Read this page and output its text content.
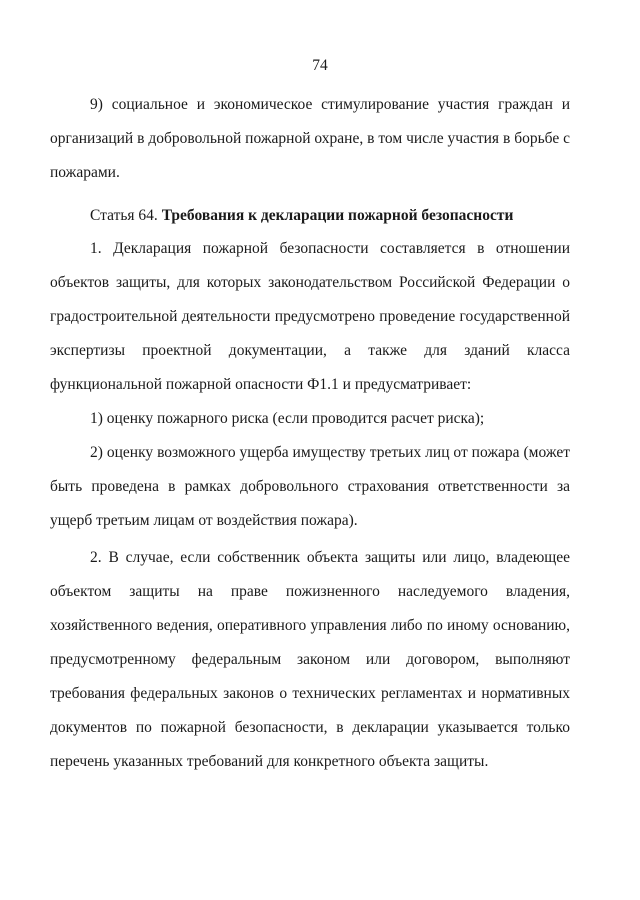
74

9) социальное и экономическое стимулирование участия граждан и организаций в добровольной пожарной охране, в том числе участия в борьбе с пожарами.

Статья 64. Требования к декларации пожарной безопасности

1. Декларация пожарной безопасности составляется в отношении объектов защиты, для которых законодательством Российской Федерации о градостроительной деятельности предусмотрено проведение государственной экспертизы проектной документации, а также для зданий класса функциональной пожарной опасности Ф1.1 и предусматривает:

1) оценку пожарного риска (если проводится расчет риска);

2) оценку возможного ущерба имуществу третьих лиц от пожара (может быть проведена в рамках добровольного страхования ответственности за ущерб третьим лицам от воздействия пожара).

2. В случае, если собственник объекта защиты или лицо, владеющее объектом защиты на праве пожизненного наследуемого владения, хозяйственного ведения, оперативного управления либо по иному основанию, предусмотренному федеральным законом или договором, выполняют требования федеральных законов о технических регламентах и нормативных документов по пожарной безопасности, в декларации указывается только перечень указанных требований для конкретного объекта защиты.
